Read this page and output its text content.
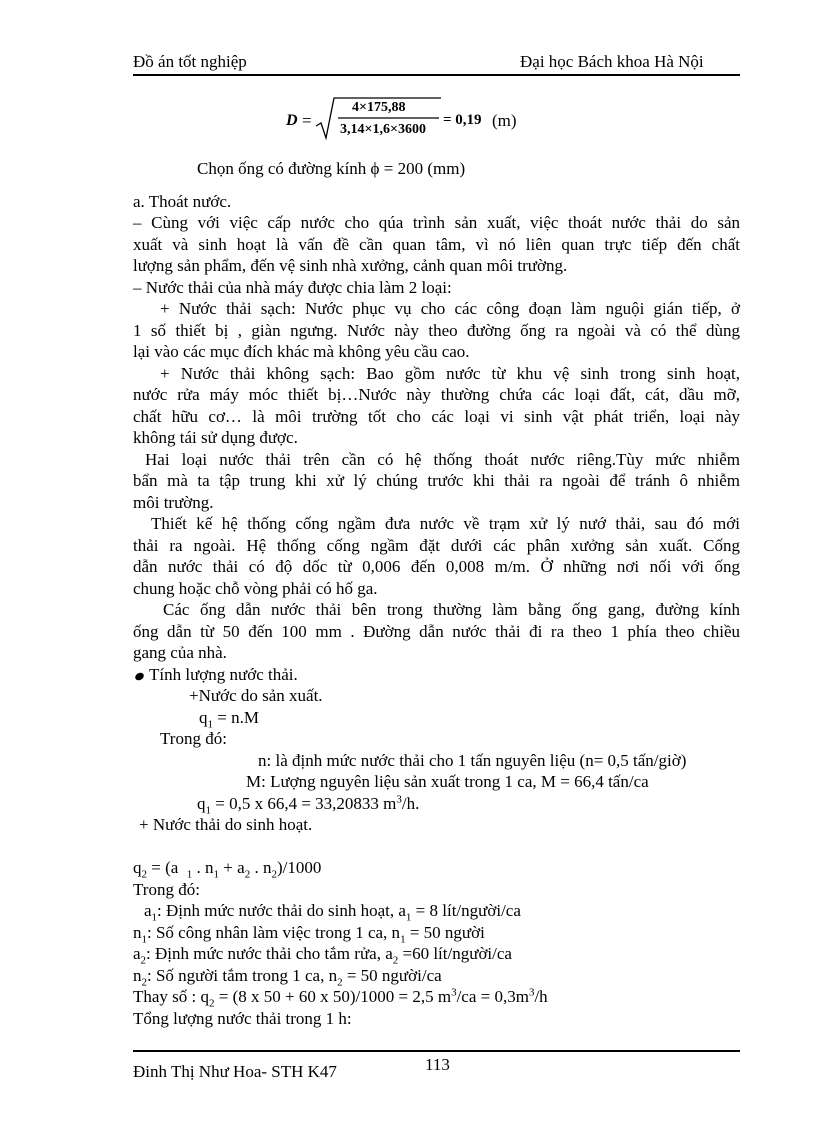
Đồ án tốt nghiệp	Đại học Bách khoa Hà Nội
D =
4×175,88
3,14×1,6×3600
= 0,19 (m)
Chọn ống có đường kính ϕ = 200 (mm)
a. Thoát nước.
– Cùng với việc cấp nước cho qúa trình sản xuất, việc thoát nước thải do sản
xuất và sinh hoạt là vấn đề cần quan tâm, vì nó liên quan trực tiếp đến chất
lượng sản phẩm, đến vệ sinh nhà xưởng, cảnh quan môi trường.
– Nước thải của nhà máy được chia làm 2 loại:
+ Nước thải sạch: Nước phục vụ cho các công đoạn làm nguội gián tiếp, ở
1 số thiết bị , giàn ngưng. Nước này theo đường ống ra ngoài và có thể dùng
lại vào các mục đích khác mà không yêu cầu cao.
+ Nước thải không sạch: Bao gồm nước từ khu vệ sinh trong sinh hoạt,
nước rửa máy móc thiết bị…Nước này thường chứa các loại đất, cát, dầu mỡ,
chất hữu cơ… là môi trường tốt cho các loại vi sinh vật phát triển, loại này
không tái sử dụng được.
Hai loại nước thải trên cần có hệ thống thoát nước riêng.Tùy mức nhiễm
bẩn mà ta tập trung khi xử lý chúng trước khi thải ra ngoài để tránh ô nhiễm
môi trường.
Thiết kế hệ thống cống ngầm đưa nước về trạm xử lý nướ thải, sau đó mới
thải ra ngoài. Hệ thống cống ngầm đặt dưới các phân xưởng sản xuất. Cống
dẫn nước thải có độ dốc từ 0,006 đến 0,008 m/m. Ở những nơi nối với ống
chung hoặc chỗ vòng phải có hố ga.
Các ống dẫn nước thải bên trong thường làm bằng ống gang, đường kính
ống dẫn từ 50 đến 100 mm . Đường dẫn nước thải đi ra theo 1 phía theo chiều
gang của nhà.
Tính lượng nước thải.
+Nước do sản xuất.
$q_1 = n.M$
Trong đó:
n: là định mức nước thải cho 1 tấn nguyên liệu (n= 0,5 tấn/giờ)
M: Lượng nguyên liệu sản xuất trong 1 ca, M = 66,4 tấn/ca
$q_1 = 0,5$ x 66,4 = 33,20833 $m^3/h$.
+ Nước thải do sinh hoạt.
$q_2 = (a$  $_1$ . $n_1 + a_2$ . $n_2)/1000$
Trong đó:
$a_1$: Định mức nước thải do sinh hoạt, $a_1 = 8$ lít/người/ca
$n_1$: Số công nhân làm việc trong 1 ca, $n_1 = 50$ người
$a_2$: Định mức nước thải cho tắm rửa, $a_2 =60$ lít/người/ca
$n_2$: Số người tắm trong 1 ca, $n_2 = 50$ người/ca
Thay số : $q_2 = (8$ x 50 + 60 x 50)/1000 = 2,5 $m^3/ca = 0,3m^3/h$
Tổng lượng nước thải trong 1 h:
Đinh Thị Như Hoa- STH K47	113
